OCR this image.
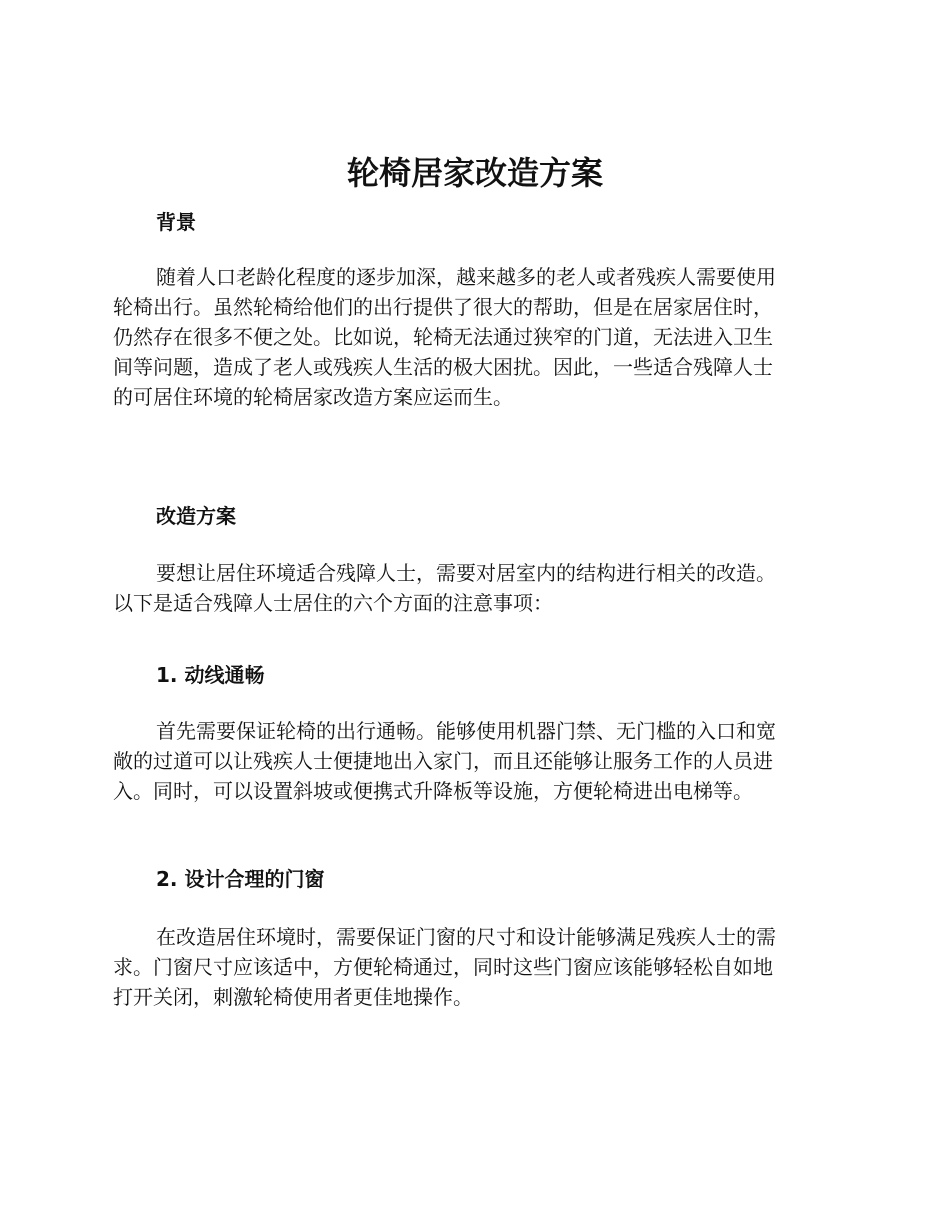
轮椅居家改造方案
背景
随着人口老龄化程度的逐步加深，越来越多的老人或者残疾人需要使用
轮椅出行。虽然轮椅给他们的出行提供了很大的帮助，但是在居家居住时，
仍然存在很多不便之处。比如说，轮椅无法通过狭窄的门道，无法进入卫生
间等问题，造成了老人或残疾人生活的极大困扰。因此，一些适合残障人士
的可居住环境的轮椅居家改造方案应运而生。
改造方案
要想让居住环境适合残障人士，需要对居室内的结构进行相关的改造。
以下是适合残障人士居住的六个方面的注意事项：
1. 动线通畅
首先需要保证轮椅的出行通畅。能够使用机器门禁、无门槛的入口和宽
敞的过道可以让残疾人士便捷地出入家门，而且还能够让服务工作的人员进
入。同时，可以设置斜坡或便携式升降板等设施，方便轮椅进出电梯等。
2. 设计合理的门窗
在改造居住环境时，需要保证门窗的尺寸和设计能够满足残疾人士的需
求。门窗尺寸应该适中，方便轮椅通过，同时这些门窗应该能够轻松自如地
打开关闭，刺激轮椅使用者更佳地操作。
